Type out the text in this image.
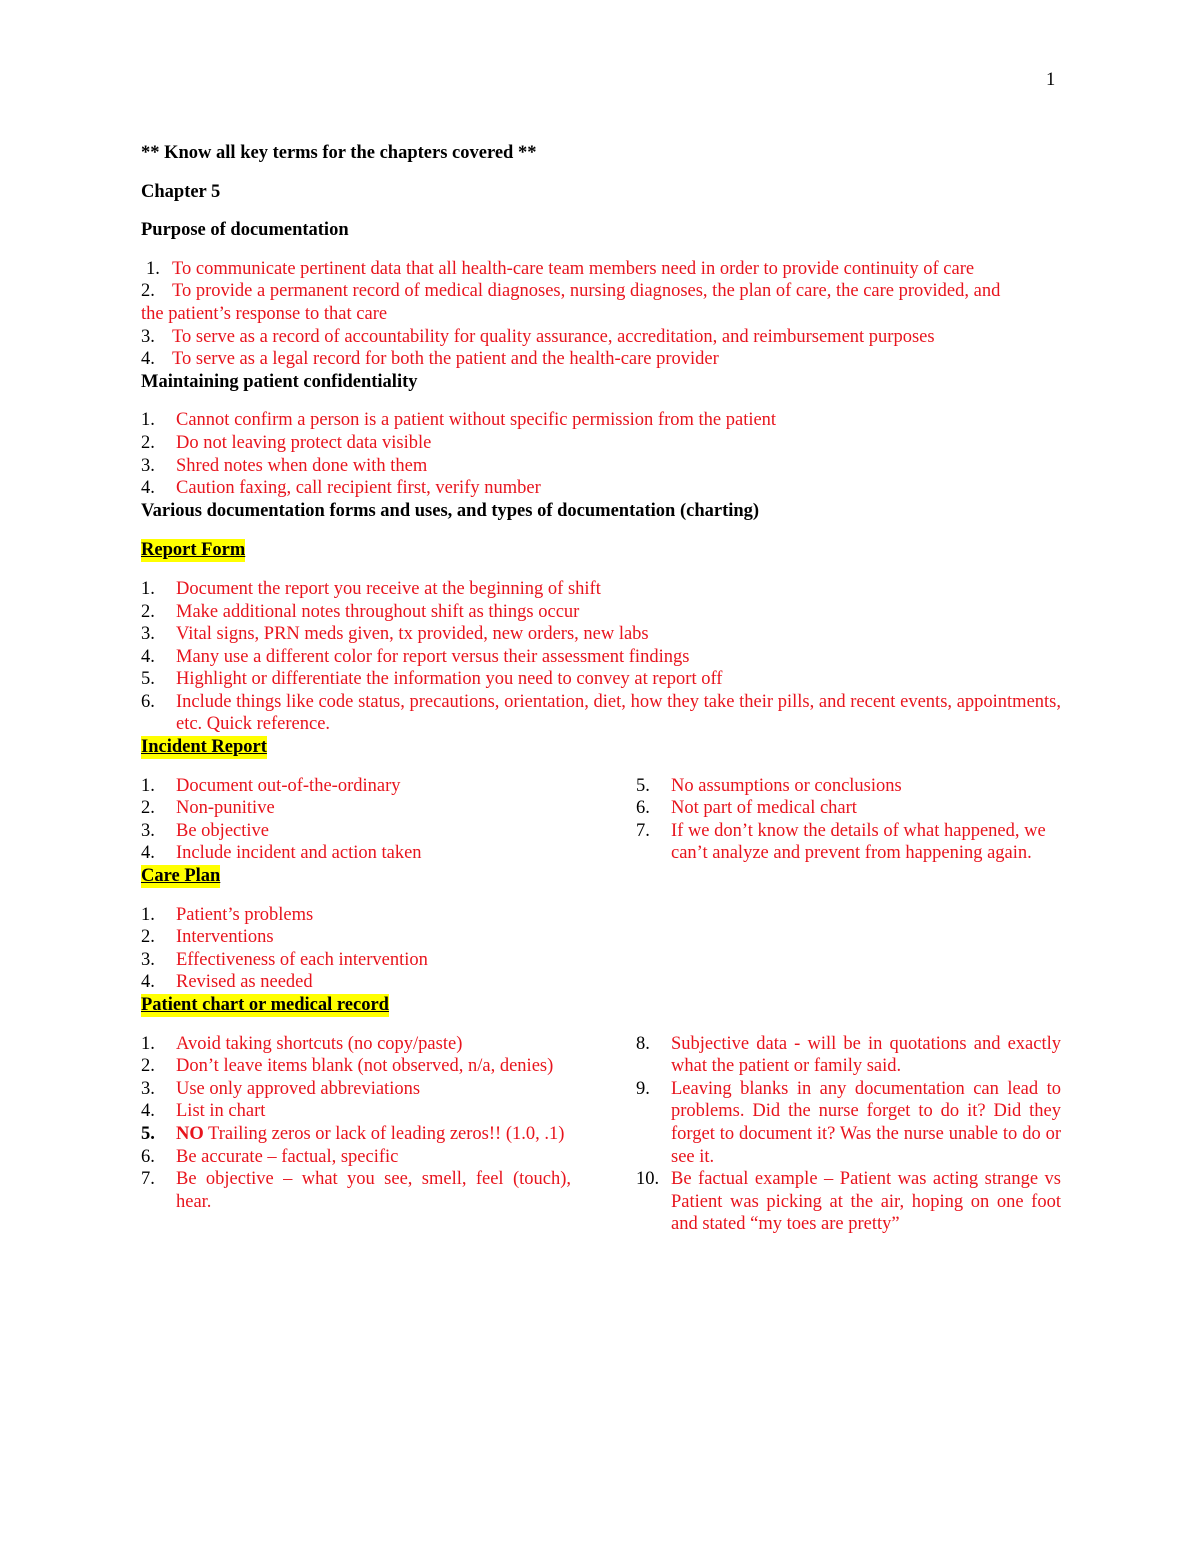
1
** Know all key terms for the chapters covered **
Chapter 5
Purpose of documentation
1. To communicate pertinent data that all health-care team members need in order to provide continuity of care
2. To provide a permanent record of medical diagnoses, nursing diagnoses, the plan of care, the care provided, and
the patient’s response to that care
3. To serve as a record of accountability for quality assurance, accreditation, and reimbursement purposes
4. To serve as a legal record for both the patient and the health-care provider
Maintaining patient confidentiality
1. Cannot confirm a person is a patient without specific permission from the patient
2. Do not leaving protect data visible
3. Shred notes when done with them
4. Caution faxing, call recipient first, verify number
Various documentation forms and uses, and types of documentation (charting)
Report Form
1. Document the report you receive at the beginning of shift
2. Make additional notes throughout shift as things occur
3. Vital signs, PRN meds given, tx provided, new orders, new labs
4. Many use a different color for report versus their assessment findings
5. Highlight or differentiate the information you need to convey at report off
6. Include things like code status, precautions, orientation, diet, how they take their pills, and recent events, appointments, etc. Quick reference.
Incident Report
1. Document out-of-the-ordinary
2. Non-punitive
3. Be objective
4. Include incident and action taken
Care Plan
5. No assumptions or conclusions
6. Not part of medical chart
7. If we don’t know the details of what happened, we can’t analyze and prevent from happening again.
1. Patient’s problems
2. Interventions
3. Effectiveness of each intervention
4. Revised as needed
Patient chart or medical record
1. Avoid taking shortcuts (no copy/paste)
2. Don’t leave items blank (not observed, n/a, denies)
3. Use only approved abbreviations
4. List in chart
5. NO Trailing zeros or lack of leading zeros!! (1.0, .1)
6. Be accurate – factual, specific
7. Be objective – what you see, smell, feel (touch), hear.
8. Subjective data - will be in quotations and exactly what the patient or family said.
9. Leaving blanks in any documentation can lead to problems. Did the nurse forget to do it? Did they forget to document it? Was the nurse unable to do or see it.
10. Be factual example – Patient was acting strange vs Patient was picking at the air, hoping on one foot and stated “my toes are pretty”
